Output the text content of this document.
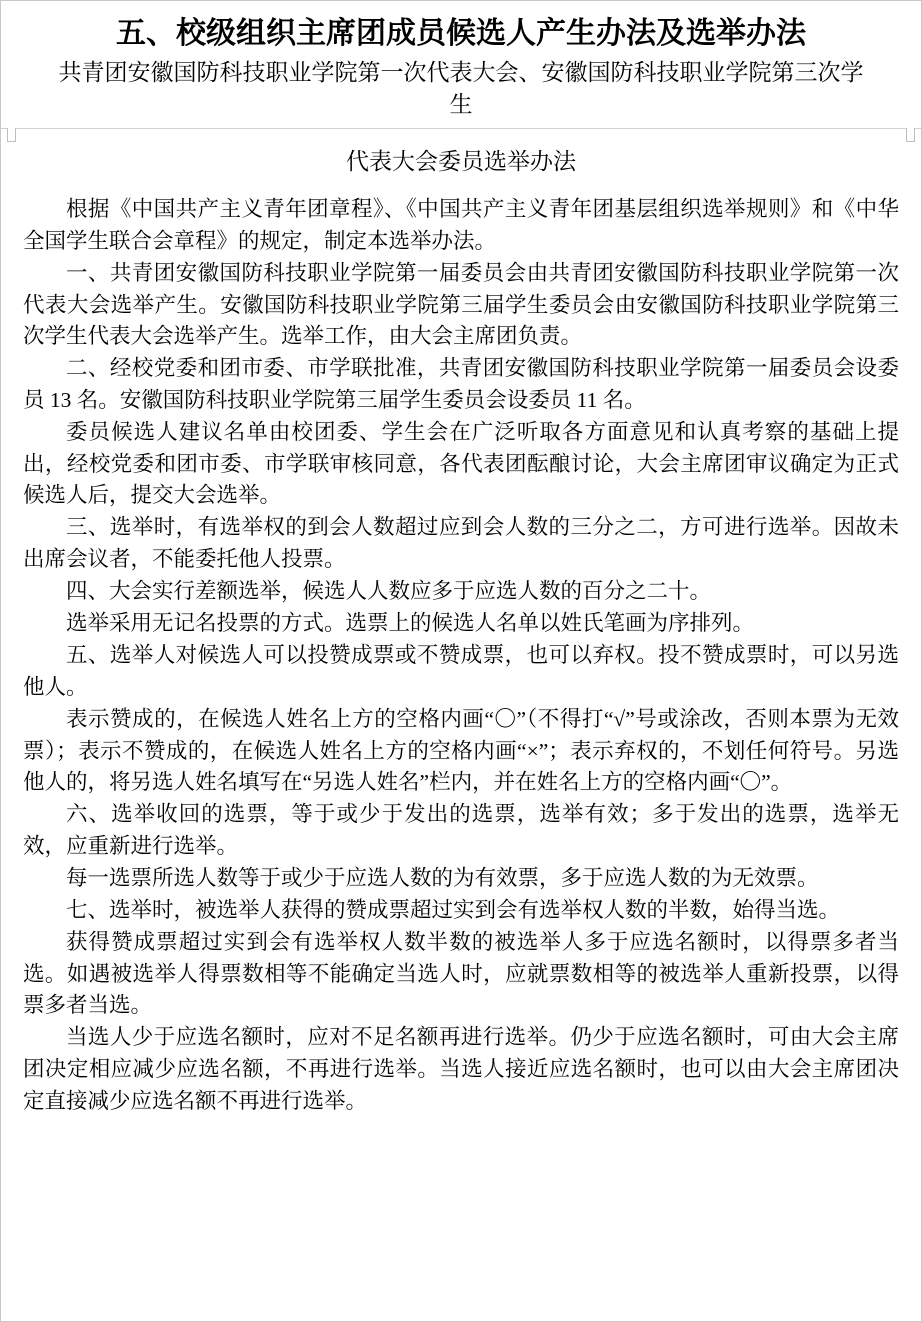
五、校级组织主席团成员候选人产生办法及选举办法
共青团安徽国防科技职业学院第一次代表大会、安徽国防科技职业学院第三次学生
代表大会委员选举办法

根据《中国共产主义青年团章程》、《中国共产主义青年团基层组织选举规则》和《中华全国学生联合会章程》的规定，制定本选举办法。

一、共青团安徽国防科技职业学院第一届委员会由共青团安徽国防科技职业学院第一次代表大会选举产生。安徽国防科技职业学院第三届学生委员会由安徽国防科技职业学院第三次学生代表大会选举产生。选举工作，由大会主席团负责。

二、经校党委和团市委、市学联批准，共青团安徽国防科技职业学院第一届委员会设委员 13 名。安徽国防科技职业学院第三届学生委员会设委员 11 名。

委员候选人建议名单由校团委、学生会在广泛听取各方面意见和认真考察的基础上提出，经校党委和团市委、市学联审核同意，各代表团酝酿讨论，大会主席团审议确定为正式候选人后，提交大会选举。

三、选举时，有选举权的到会人数超过应到会人数的三分之二，方可进行选举。因故未出席会议者，不能委托他人投票。

四、大会实行差额选举，候选人人数应多于应选人数的百分之二十。

选举采用无记名投票的方式。选票上的候选人名单以姓氏笔画为序排列。

五、选举人对候选人可以投赞成票或不赞成票，也可以弃权。投不赞成票时，可以另选他人。

表示赞成的，在候选人姓名上方的空格内画“〇”（不得打“√”号或涂改，否则本票为无效票）；表示不赞成的，在候选人姓名上方的空格内画“×”；表示弃权的，不划任何符号。另选他人的，将另选人姓名填写在“另选人姓名”栏内，并在姓名上方的空格内画“〇”。

六、选举收回的选票，等于或少于发出的选票，选举有效；多于发出的选票，选举无效，应重新进行选举。

每一选票所选人数等于或少于应选人数的为有效票，多于应选人数的为无效票。

七、选举时，被选举人获得的赞成票超过实到会有选举权人数的半数，始得当选。

获得赞成票超过实到会有选举权人数半数的被选举人多于应选名额时，以得票多者当选。如遇被选举人得票数相等不能确定当选人时，应就票数相等的被选举人重新投票，以得票多者当选。

当选人少于应选名额时，应对不足名额再进行选举。仍少于应选名额时，可由大会主席团决定相应减少应选名额，不再进行选举。当选人接近应选名额时，也可以由大会主席团决定直接减少应选名额不再进行选举。
